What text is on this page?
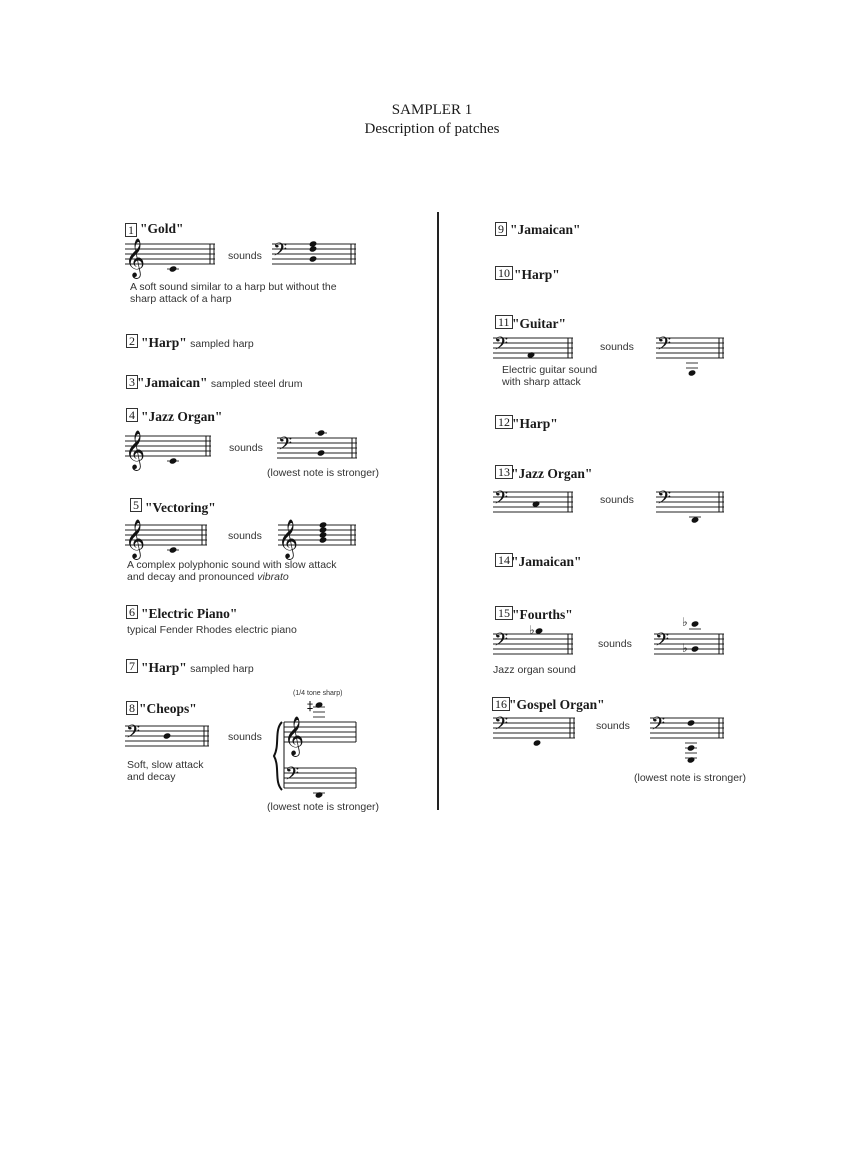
SAMPLER 1
Description of patches
1 "Gold"
𝄞	sounds 𝄢
A soft sound similar to a harp but without the
sharp attack of a harp
2 "Harp" sampled harp
3 "Jamaican" sampled steel drum
4 "Jazz Organ"
𝄞	sounds 𝄢
(lowest note is stronger)
5 "Vectoring"
𝄞	sounds 𝄞
A complex polyphonic sound with slow attack
and decay and pronounced vibrato
6 "Electric Piano"
typical Fender Rhodes electric piano
7 "Harp" sampled harp
8 "Cheops"
𝄢	sounds
(1/4 tone sharp)
𝄞
𝄢
‡
Soft, slow attack
and decay
(lowest note is stronger)
9 "Jamaican"
10 "Harp"
11 "Guitar"
𝄢	sounds 𝄢
Electric guitar sound
with sharp attack
12 "Harp"
13 "Jazz Organ"
𝄢	sounds 𝄢
14 "Jamaican"
15 "Fourths"
𝄢 ♭
sounds 𝄢
♭
♭
Jazz organ sound
16 "Gospel Organ"
𝄢	sounds 𝄢
(lowest note is stronger)
